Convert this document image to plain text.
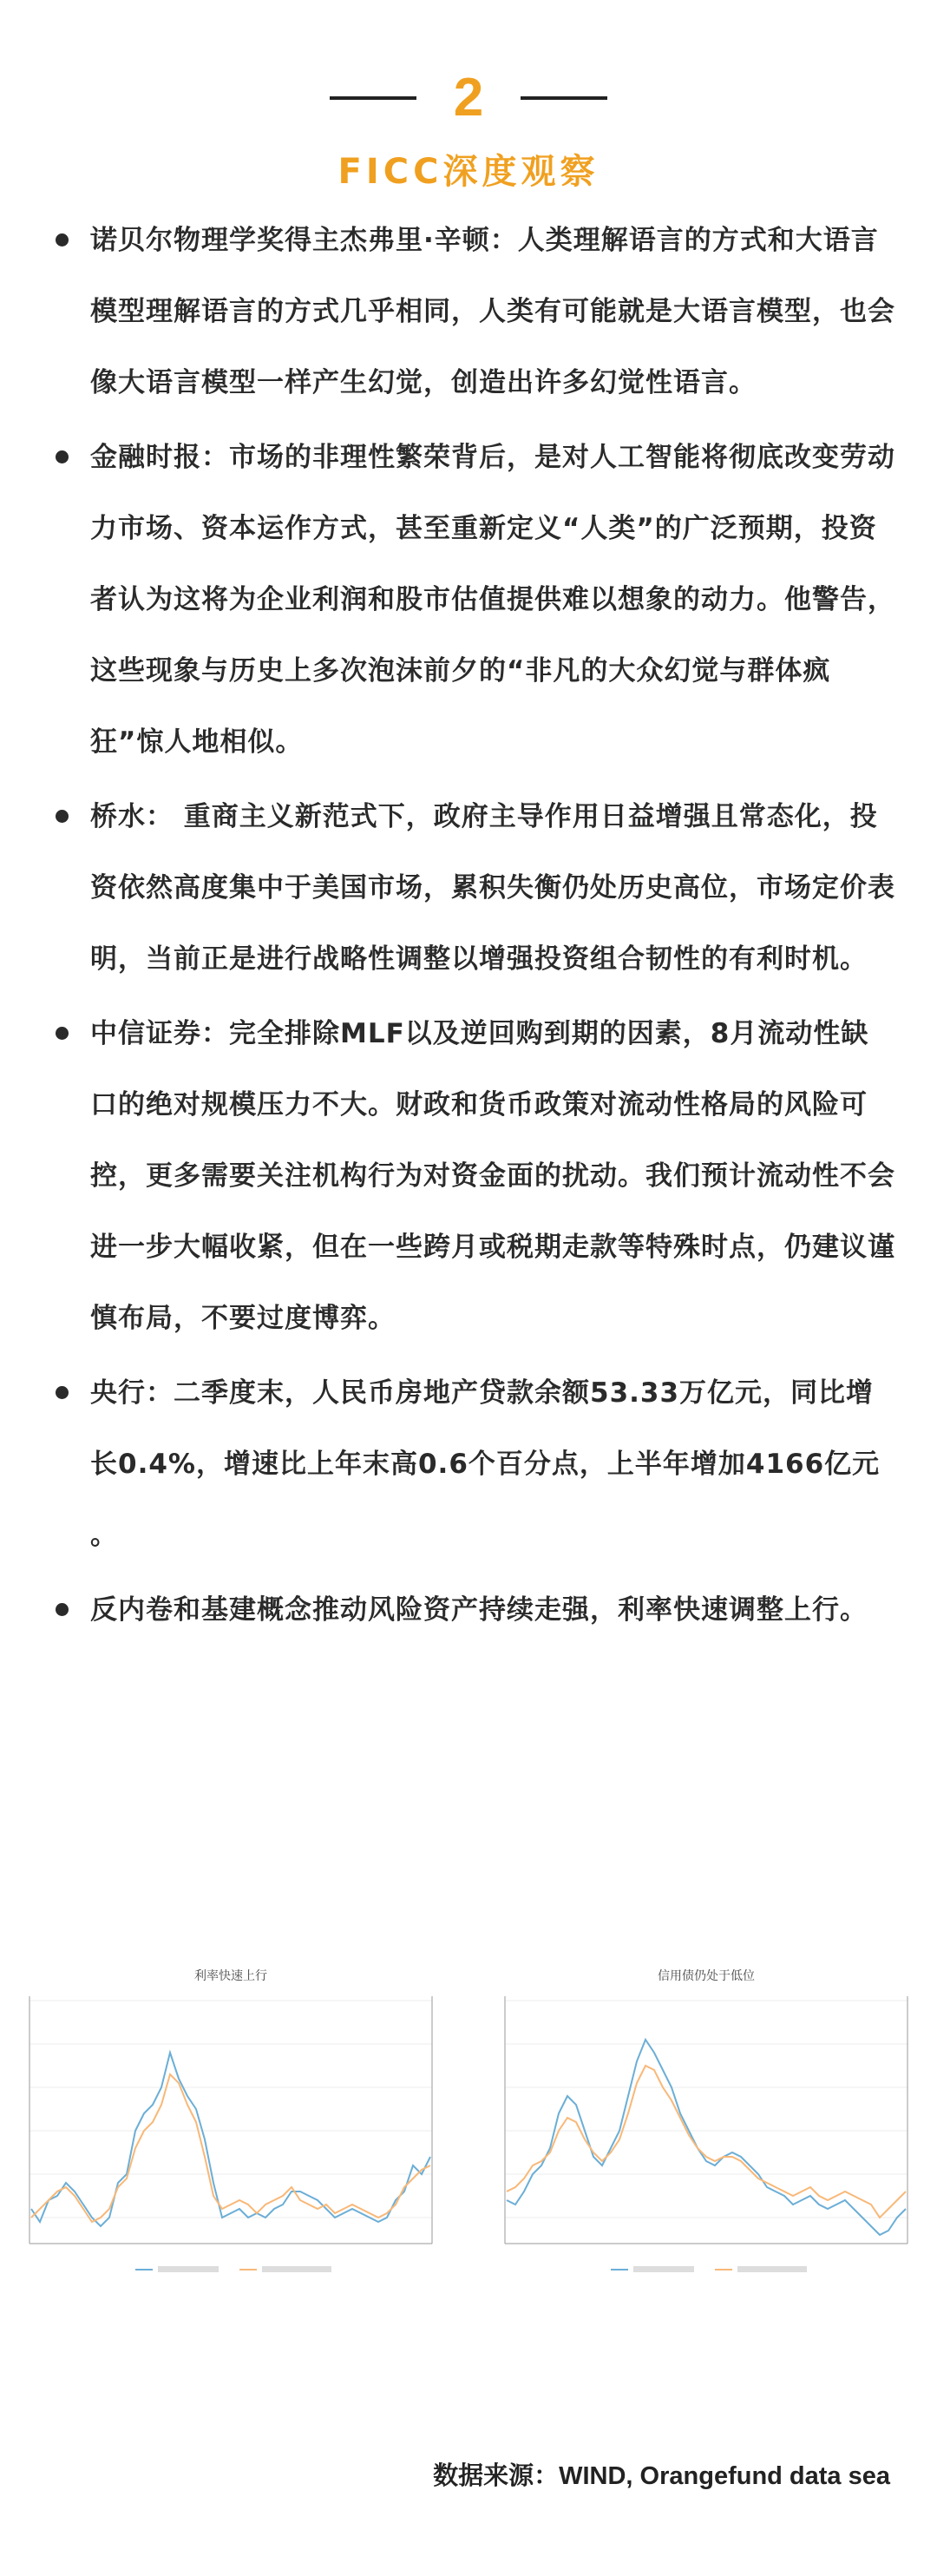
2
FICC深度观察
诺贝尔物理学奖得主杰弗里·辛顿：人类理解语言的方式和大语言模型理解语言的方式几乎相同，人类有可能就是大语言模型，也会像大语言模型一样产生幻觉，创造出许多幻觉性语言。
金融时报：市场的非理性繁荣背后，是对人工智能将彻底改变劳动力市场、资本运作方式，甚至重新定义“人类”的广泛预期，投资者认为这将为企业利润和股市估值提供难以想象的动力。他警告，这些现象与历史上多次泡沫前夕的“非凡的大众幻觉与群体疯狂”惊人地相似。
桥水： 重商主义新范式下，政府主导作用日益增强且常态化，投资依然高度集中于美国市场，累积失衡仍处历史高位，市场定价表明，当前正是进行战略性调整以增强投资组合韧性的有利时机。
中信证券：完全排除MLF以及逆回购到期的因素，8月流动性缺口的绝对规模压力不大。财政和货币政策对流动性格局的风险可控，更多需要关注机构行为对资金面的扰动。我们预计流动性不会进一步大幅收紧，但在一些跨月或税期走款等特殊时点，仍建议谨慎布局，不要过度博弈。
央行：二季度末，人民币房地产贷款余额53.33万亿元，同比增长0.4%，增速比上年末高0.6个百分点，上半年增加4166亿元 。
反内卷和基建概念推动风险资产持续走强，利率快速调整上行。
利率快速上行	信用债仍处于低位
数据来源：WIND, Orangefund data sea
